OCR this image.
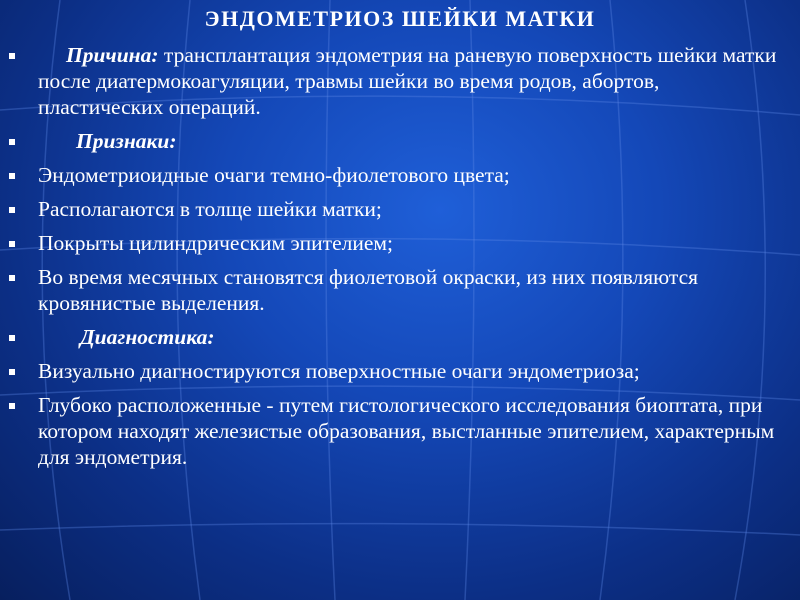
ЭНДОМЕТРИОЗ ШЕЙКИ МАТКИ
Причина: трансплантация эндометрия на раневую поверхность шейки матки после диатермокоагуляции, травмы шейки во время родов, абортов, пластических операций.
Признаки:
Эндометриоидные очаги темно-фиолетового цвета;
Располагаются в толще шейки матки;
Покрыты цилиндрическим эпителием;
Во время месячных становятся фиолетовой окраски, из них появляются кровянистые выделения.
Диагностика:
Визуально диагностируются поверхностные очаги эндометриоза;
Глубоко расположенные - путем гистологического исследования биоптата, при котором находят железистые образования, выстланные эпителием, характерным для эндометрия.
